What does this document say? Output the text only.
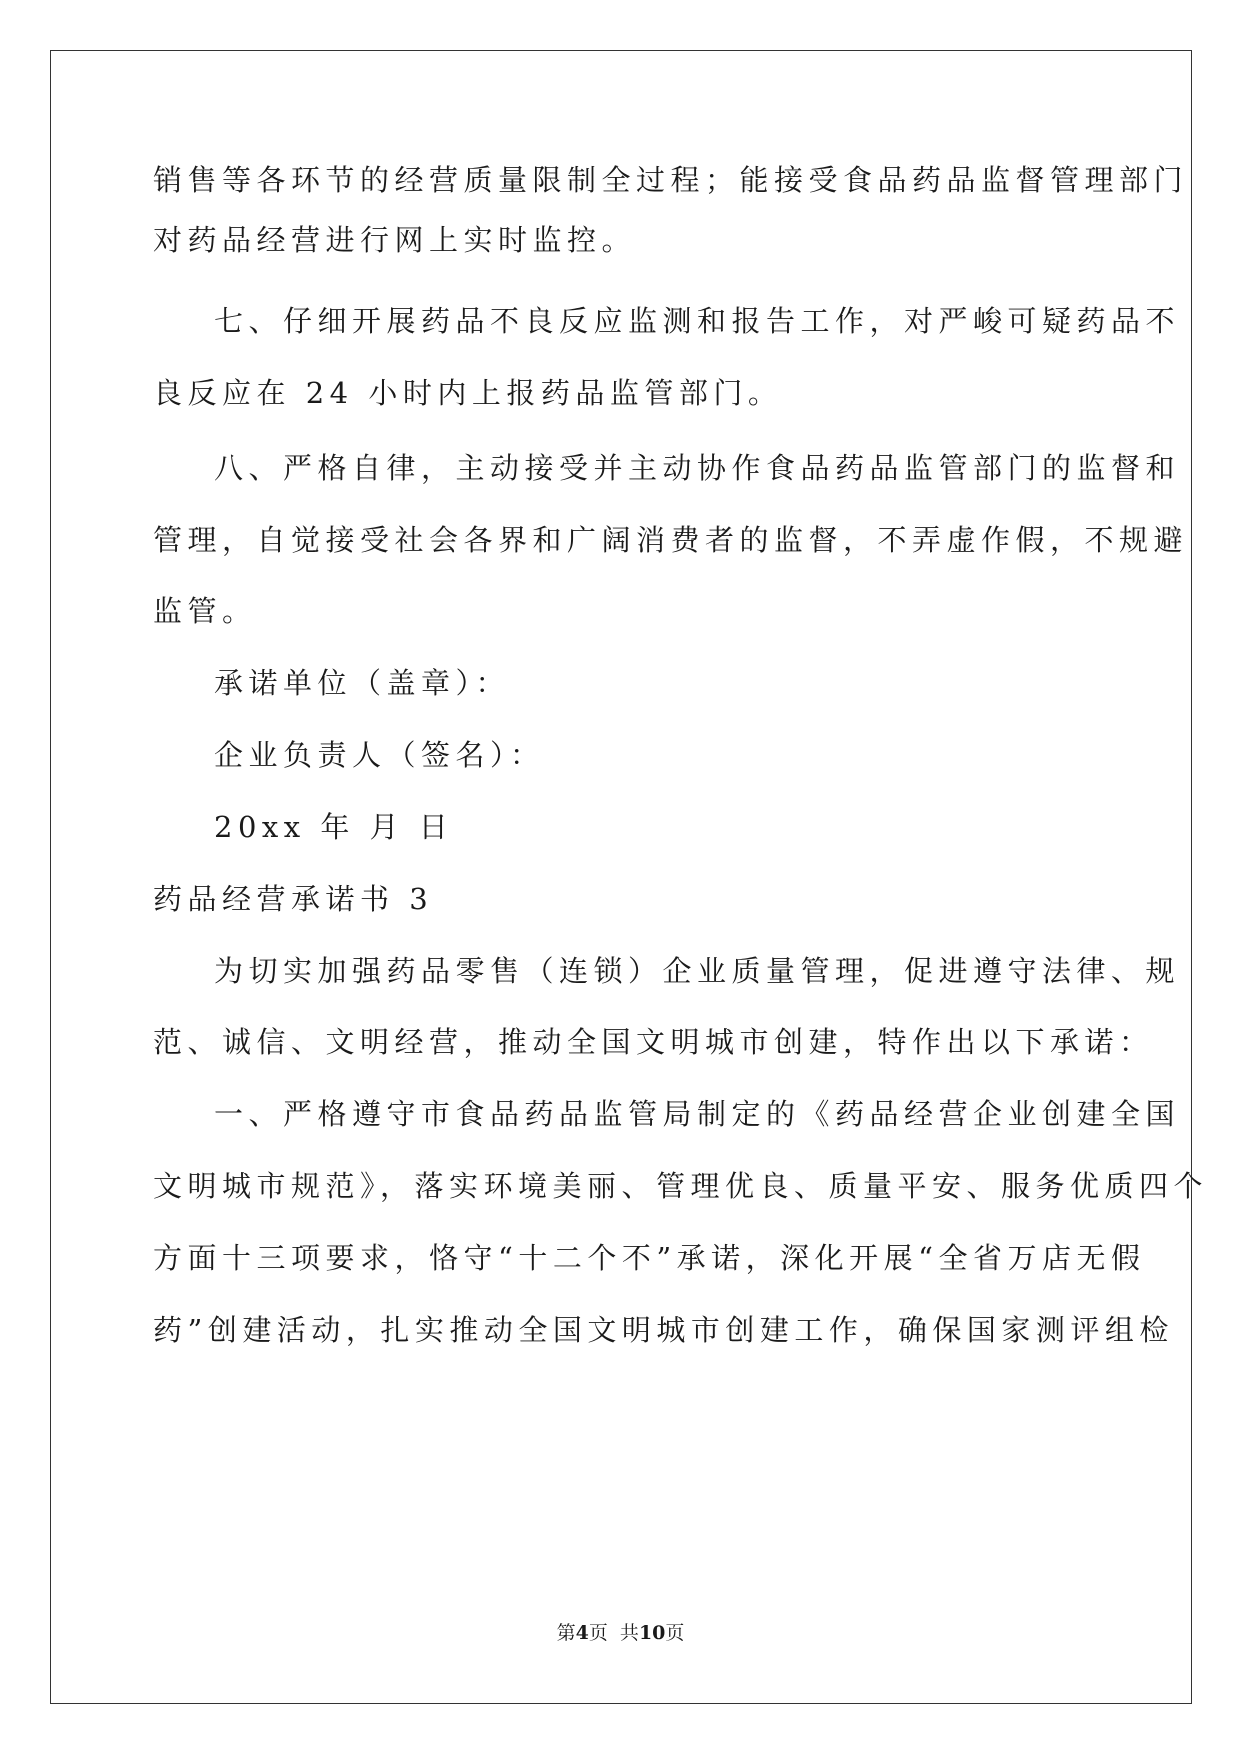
销售等各环节的经营质量限制全过程；能接受食品药品监督管理部门
对药品经营进行网上实时监控。
七、仔细开展药品不良反应监测和报告工作，对严峻可疑药品不
良反应在 24 小时内上报药品监管部门。
八、严格自律，主动接受并主动协作食品药品监管部门的监督和
管理，自觉接受社会各界和广阔消费者的监督，不弄虚作假，不规避
监管。
承诺单位（盖章）：
企业负责人（签名）：
20xx 年 月 日
药品经营承诺书 3
为切实加强药品零售（连锁）企业质量管理，促进遵守法律、规
范、诚信、文明经营，推动全国文明城市创建，特作出以下承诺：
一、严格遵守市食品药品监管局制定的《药品经营企业创建全国
文明城市规范》，落实环境美丽、管理优良、质量平安、服务优质四个
方面十三项要求，恪守“十二个不”承诺，深化开展“全省万店无假
药”创建活动，扎实推动全国文明城市创建工作，确保国家测评组检
第4页  共10页
